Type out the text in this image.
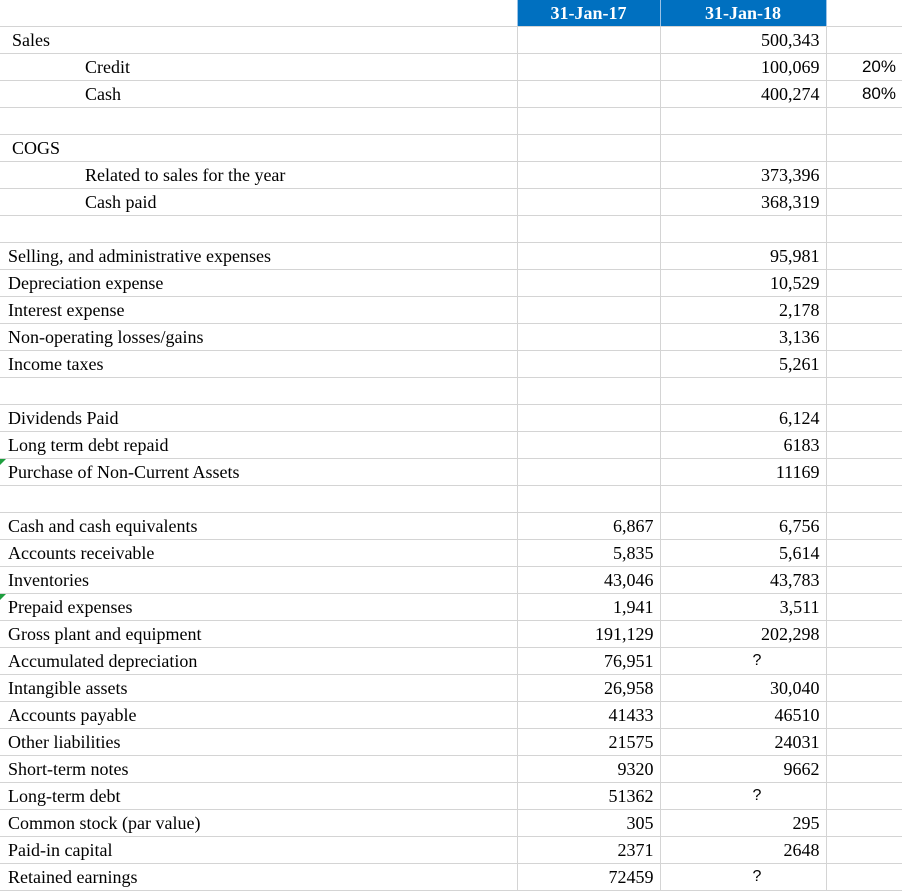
	31-Jan-17	31-Jan-18	
Sales		500,343	
Credit		100,069	20%
Cash		400,274	80%

COGS			
Related to sales for the year		373,396	
Cash paid		368,319	

Selling, and administrative expenses		95,981	
Depreciation expense		10,529	
Interest expense		2,178	
Non-operating losses/gains		3,136	
Income taxes		5,261	

Dividends Paid		6,124	
Long term debt repaid		6183	
Purchase of Non-Current Assets		11169	

Cash and cash equivalents	6,867	6,756	
Accounts receivable	5,835	5,614	
Inventories	43,046	43,783	
Prepaid expenses	1,941	3,511	
Gross plant and equipment	191,129	202,298	
Accumulated depreciation	76,951	?	
Intangible assets	26,958	30,040	
Accounts payable	41433	46510	
Other liabilities	21575	24031	
Short-term notes	9320	9662	
Long-term debt	51362	?	
Common stock (par value)	305	295	
Paid-in capital	2371	2648	
Retained earnings	72459	?	
